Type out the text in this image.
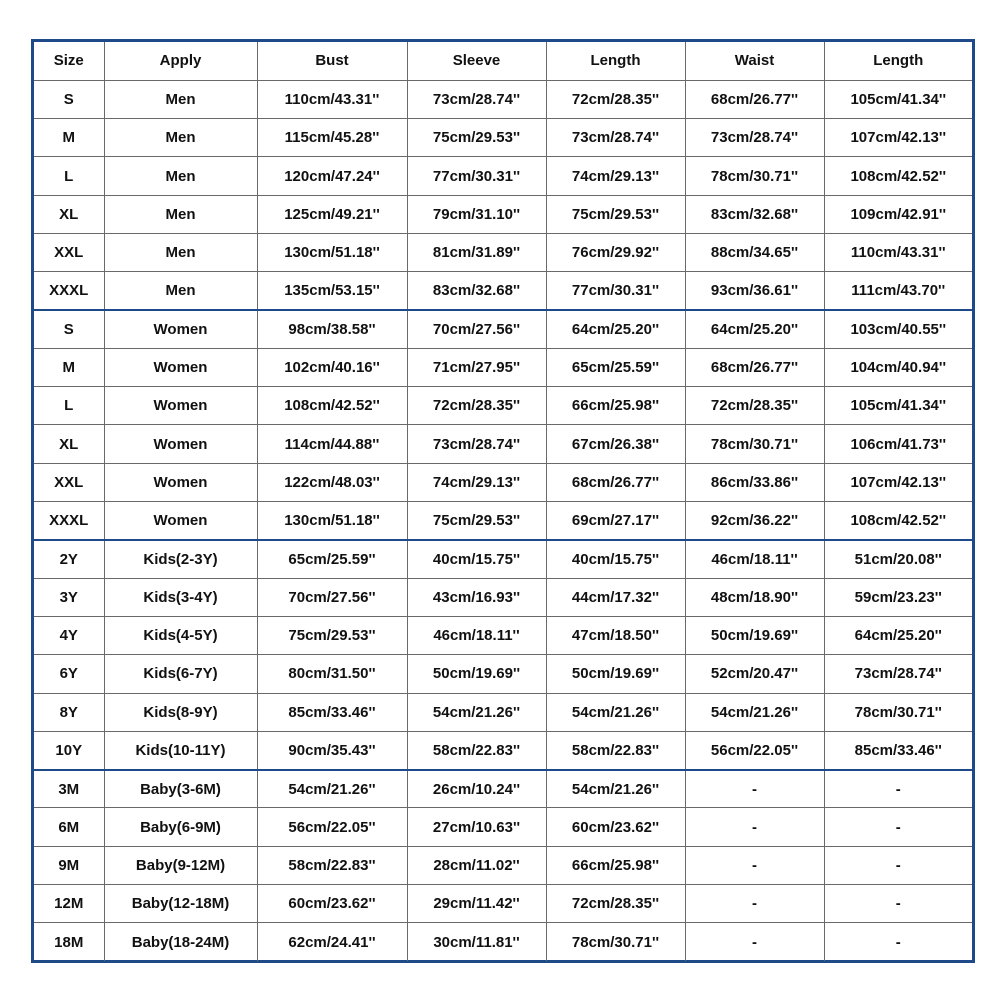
Size	Apply	Bust	Sleeve	Length	Waist	Length
S	Men	110cm/43.31''	73cm/28.74''	72cm/28.35''	68cm/26.77''	105cm/41.34''
M	Men	115cm/45.28''	75cm/29.53''	73cm/28.74''	73cm/28.74''	107cm/42.13''
L	Men	120cm/47.24''	77cm/30.31''	74cm/29.13''	78cm/30.71''	108cm/42.52''
XL	Men	125cm/49.21''	79cm/31.10''	75cm/29.53''	83cm/32.68''	109cm/42.91''
XXL	Men	130cm/51.18''	81cm/31.89''	76cm/29.92''	88cm/34.65''	110cm/43.31''
XXXL	Men	135cm/53.15''	83cm/32.68''	77cm/30.31''	93cm/36.61''	111cm/43.70''
S	Women	98cm/38.58''	70cm/27.56''	64cm/25.20''	64cm/25.20''	103cm/40.55''
M	Women	102cm/40.16''	71cm/27.95''	65cm/25.59''	68cm/26.77''	104cm/40.94''
L	Women	108cm/42.52''	72cm/28.35''	66cm/25.98''	72cm/28.35''	105cm/41.34''
XL	Women	114cm/44.88''	73cm/28.74''	67cm/26.38''	78cm/30.71''	106cm/41.73''
XXL	Women	122cm/48.03''	74cm/29.13''	68cm/26.77''	86cm/33.86''	107cm/42.13''
XXXL	Women	130cm/51.18''	75cm/29.53''	69cm/27.17''	92cm/36.22''	108cm/42.52''
2Y	Kids(2-3Y)	65cm/25.59''	40cm/15.75''	40cm/15.75''	46cm/18.11''	51cm/20.08''
3Y	Kids(3-4Y)	70cm/27.56''	43cm/16.93''	44cm/17.32''	48cm/18.90''	59cm/23.23''
4Y	Kids(4-5Y)	75cm/29.53''	46cm/18.11''	47cm/18.50''	50cm/19.69''	64cm/25.20''
6Y	Kids(6-7Y)	80cm/31.50''	50cm/19.69''	50cm/19.69''	52cm/20.47''	73cm/28.74''
8Y	Kids(8-9Y)	85cm/33.46''	54cm/21.26''	54cm/21.26''	54cm/21.26''	78cm/30.71''
10Y	Kids(10-11Y)	90cm/35.43''	58cm/22.83''	58cm/22.83''	56cm/22.05''	85cm/33.46''
3M	Baby(3-6M)	54cm/21.26''	26cm/10.24''	54cm/21.26''	-	-
6M	Baby(6-9M)	56cm/22.05''	27cm/10.63''	60cm/23.62''	-	-
9M	Baby(9-12M)	58cm/22.83''	28cm/11.02''	66cm/25.98''	-	-
12M	Baby(12-18M)	60cm/23.62''	29cm/11.42''	72cm/28.35''	-	-
18M	Baby(18-24M)	62cm/24.41''	30cm/11.81''	78cm/30.71''	-	-
